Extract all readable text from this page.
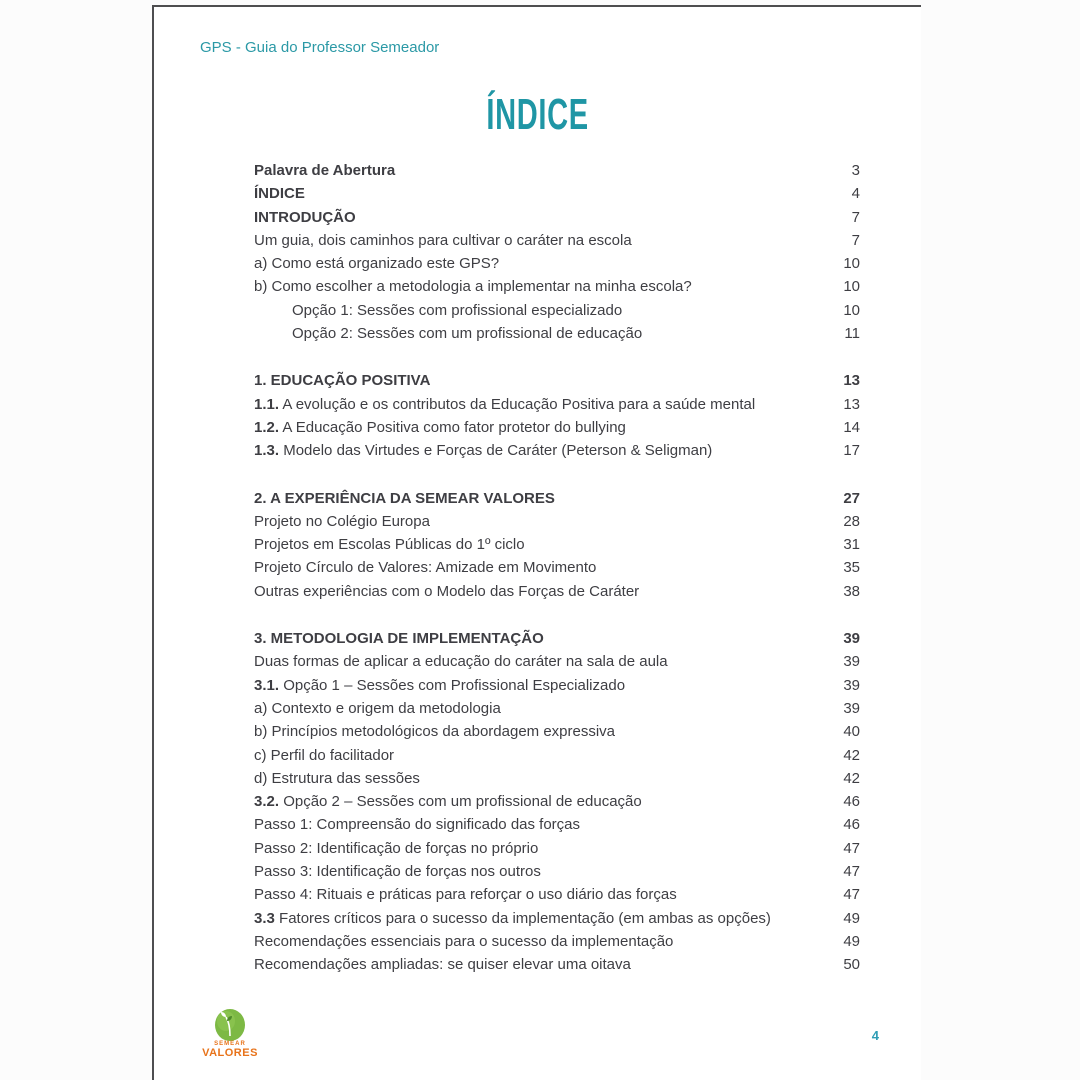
GPS - Guia do Professor Semeador
ÍNDICE
Palavra de Abertura	3
ÍNDICE	4
INTRODUÇÃO	7
Um guia, dois caminhos para cultivar o caráter na escola	7
a) Como está organizado este GPS?	10
b) Como escolher a metodologia a implementar na minha escola?	10
Opção 1: Sessões com profissional especializado	10
Opção 2: Sessões com um profissional de educação	11
1. EDUCAÇÃO POSITIVA	13
1.1. A evolução e os contributos da Educação Positiva para a saúde mental	13
1.2. A Educação Positiva como fator protetor do bullying	14
1.3. Modelo das Virtudes e Forças de Caráter (Peterson & Seligman)	17
2. A EXPERIÊNCIA DA SEMEAR VALORES	27
Projeto no Colégio Europa	28
Projetos em Escolas Públicas do 1º ciclo	31
Projeto Círculo de Valores: Amizade em Movimento	35
Outras experiências com o Modelo das Forças de Caráter	38
3. METODOLOGIA DE IMPLEMENTAÇÃO	39
Duas formas de aplicar a educação do caráter na sala de aula	39
3.1. Opção 1 – Sessões com Profissional Especializado	39
a) Contexto e origem da metodologia	39
b) Princípios metodológicos da abordagem expressiva	40
c) Perfil do facilitador	42
d) Estrutura das sessões	42
3.2. Opção 2 – Sessões com um profissional de educação	46
Passo 1: Compreensão do significado das forças	46
Passo 2: Identificação de forças no próprio	47
Passo 3: Identificação de forças nos outros	47
Passo 4: Rituais e práticas para reforçar o uso diário das forças	47
3.3 Fatores críticos para o sucesso da implementação (em ambas as opções)	49
Recomendações essenciais para o sucesso da implementação	49
Recomendações ampliadas: se quiser elevar uma oitava	50
SEMEAR
VALORES
4
